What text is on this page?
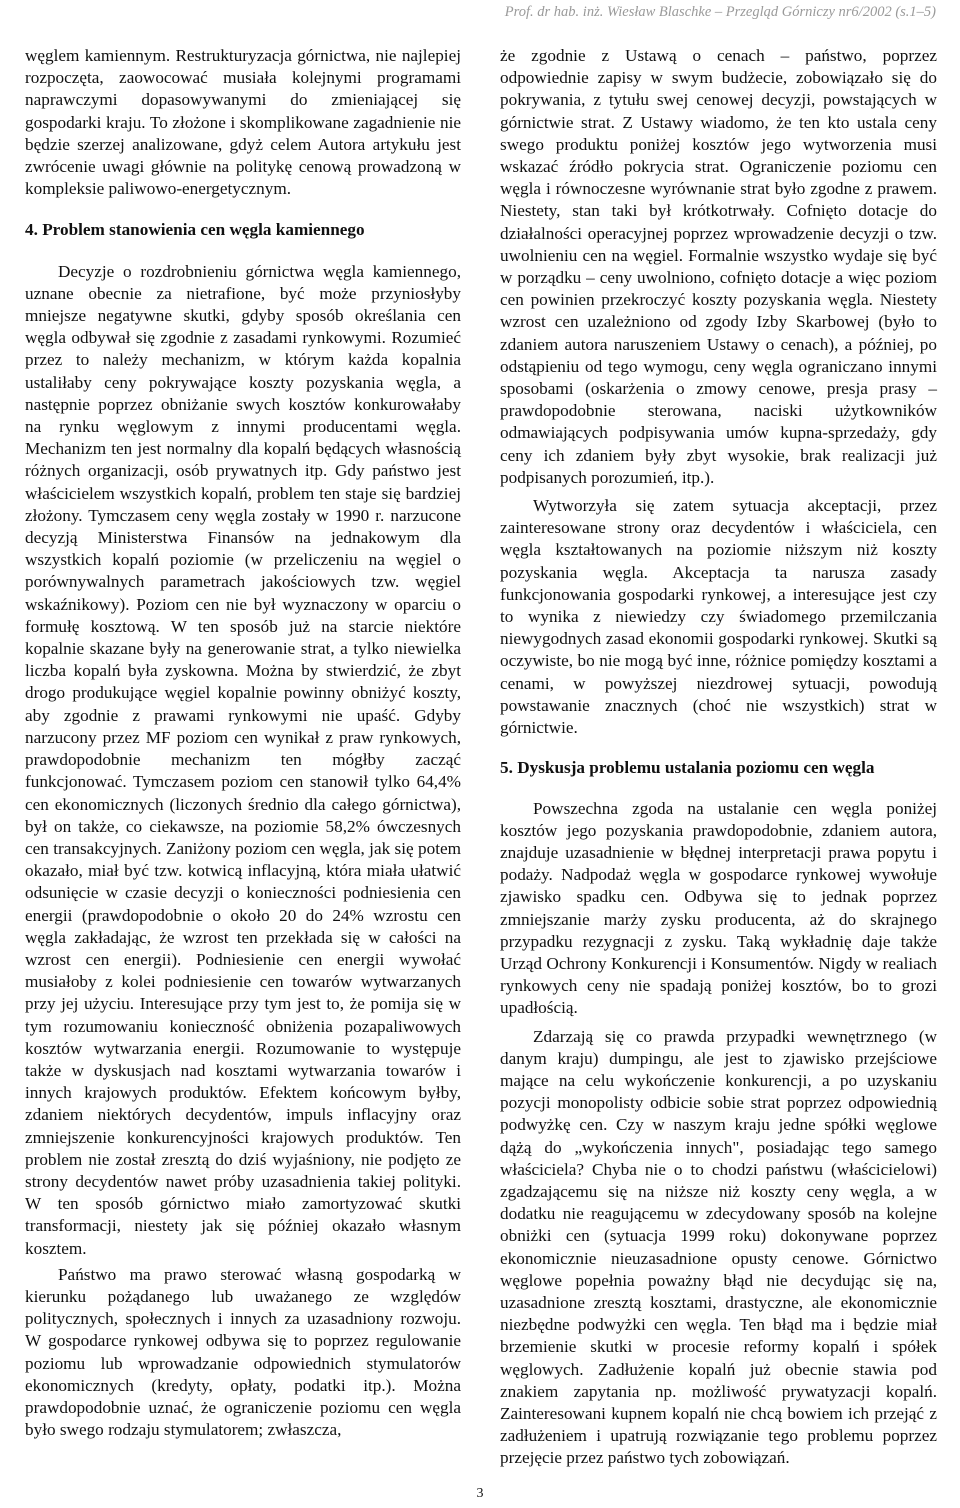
Prof. dr hab. inż. Wiesław Blaschke – Przegląd Górniczy nr6/2002 (s.1–5)

węglem kamiennym. Restrukturyzacja górnictwa, nie najlepiej rozpoczęta, zaowocować musiała kolejnymi programami naprawczymi dopasowywanymi do zmieniającej się gospodarki kraju. To złożone i skomplikowane zagadnienie nie będzie szerzej analizowane, gdyż celem Autora artykułu jest zwrócenie uwagi głównie na politykę cenową prowadzoną w kompleksie paliwowo-energetycznym.

4. Problem stanowienia cen węgla kamiennego

Decyzje o rozdrobnieniu górnictwa węgla kamiennego, uznane obecnie za nietrafione, być może przyniosłyby mniejsze negatywne skutki, gdyby sposób określania cen węgla odbywał się zgodnie z zasadami rynkowymi. Rozumieć przez to należy mechanizm, w którym każda kopalnia ustaliłaby ceny pokrywające koszty pozyskania węgla, a następnie poprzez obniżanie swych kosztów konkurowałaby na rynku węglowym z innymi producentami węgla. Mechanizm ten jest normalny dla kopalń będących własnością różnych organizacji, osób prywatnych itp. Gdy państwo jest właścicielem wszystkich kopalń, problem ten staje się bardziej złożony. Tymczasem ceny węgla zostały w 1990 r. narzucone decyzją Ministerstwa Finansów na jednakowym dla wszystkich kopalń poziomie (w przeliczeniu na węgiel o porównywalnych parametrach jakościowych tzw. węgiel wskaźnikowy). Poziom cen nie był wyznaczony w oparciu o formułę kosztową. W ten sposób już na starcie niektóre kopalnie skazane były na generowanie strat, a tylko niewielka liczba kopalń była zyskowna. Można by stwierdzić, że zbyt drogo produkujące węgiel kopalnie powinny obniżyć koszty, aby zgodnie z prawami rynkowymi nie upaść. Gdyby narzucony przez MF poziom cen wynikał z praw rynkowych, prawdopodobnie mechanizm ten mógłby zacząć funkcjonować. Tymczasem poziom cen stanowił tylko 64,4% cen ekonomicznych (liczonych średnio dla całego górnictwa), był on także, co ciekawsze, na poziomie 58,2% ówczesnych cen transakcyjnych. Zaniżony poziom cen węgla, jak się potem okazało, miał być tzw. kotwicą inflacyjną, która miała ułatwić odsunięcie w czasie decyzji o konieczności podniesienia cen energii (prawdopodobnie o około 20 do 24% wzrostu cen węgla zakładając, że wzrost ten przekłada się w całości na wzrost cen energii). Podniesienie cen energii wywołać musiałoby z kolei podniesienie cen towarów wytwarzanych przy jej użyciu. Interesujące przy tym jest to, że pomija się w tym rozumowaniu konieczność obniżenia pozapaliwowych kosztów wytwarzania energii. Rozumowanie to występuje także w dyskusjach nad kosztami wytwarzania towarów i innych krajowych produktów. Efektem końcowym byłby, zdaniem niektórych decydentów, impuls inflacyjny oraz zmniejszenie konkurencyjności krajowych produktów. Ten problem nie został zresztą do dziś wyjaśniony, nie podjęto ze strony decydentów nawet próby uzasadnienia takiej polityki. W ten sposób górnictwo miało zamortyzować skutki transformacji, niestety jak się później okazało własnym kosztem.

Państwo ma prawo sterować własną gospodarką w kierunku pożądanego lub uważanego ze względów politycznych, społecznych i innych za uzasadniony rozwoju. W gospodarce rynkowej odbywa się to poprzez regulowanie poziomu lub wprowadzanie odpowiednich stymulatorów ekonomicznych (kredyty, opłaty, podatki itp.). Można prawdopodobnie uznać, że ograniczenie poziomu cen węgla było swego rodzaju stymulatorem; zwłaszcza,

że zgodnie z Ustawą o cenach – państwo, poprzez odpowiednie zapisy w swym budżecie, zobowiązało się do pokrywania, z tytułu swej cenowej decyzji, powstających w górnictwie strat. Z Ustawy wiadomo, że ten kto ustala ceny swego produktu poniżej kosztów jego wytworzenia musi wskazać źródło pokrycia strat. Ograniczenie poziomu cen węgla i równoczesne wyrównanie strat było zgodne z prawem. Niestety, stan taki był krótkotrwały. Cofnięto dotacje do działalności operacyjnej poprzez wprowadzenie decyzji o tzw. uwolnieniu cen na węgiel. Formalnie wszystko wydaje się być w porządku – ceny uwolniono, cofnięto dotacje a więc poziom cen powinien przekroczyć koszty pozyskania węgla. Niestety wzrost cen uzależniono od zgody Izby Skarbowej (było to zdaniem autora naruszeniem Ustawy o cenach), a później, po odstąpieniu od tego wymogu, ceny węgla ograniczano innymi sposobami (oskarżenia o zmowy cenowe, presja prasy – prawdopodobnie sterowana, naciski użytkowników odmawiających podpisywania umów kupna-sprzedaży, gdy ceny ich zdaniem były zbyt wysokie, brak realizacji już podpisanych porozumień, itp.).

Wytworzyła się zatem sytuacja akceptacji, przez zainteresowane strony oraz decydentów i właściciela, cen węgla kształtowanych na poziomie niższym niż koszty pozyskania węgla. Akceptacja ta narusza zasady funkcjonowania gospodarki rynkowej, a interesujące jest czy to wynika z niewiedzy czy świadomego przemilczania niewygodnych zasad ekonomii gospodarki rynkowej. Skutki są oczywiste, bo nie mogą być inne, różnice pomiędzy kosztami a cenami, w powyższej niezdrowej sytuacji, powodują powstawanie znacznych (choć nie wszystkich) strat w górnictwie.

5. Dyskusja problemu ustalania poziomu cen węgla

Powszechna zgoda na ustalanie cen węgla poniżej kosztów jego pozyskania prawdopodobnie, zdaniem autora, znajduje uzasadnienie w błędnej interpretacji prawa popytu i podaży. Nadpodaż węgla w gospodarce rynkowej wywołuje zjawisko spadku cen. Odbywa się to jednak poprzez zmniejszanie marży zysku producenta, aż do skrajnego przypadku rezygnacji z zysku. Taką wykładnię daje także Urząd Ochrony Konkurencji i Konsumentów. Nigdy w realiach rynkowych ceny nie spadają poniżej kosztów, bo to grozi upadłością.

Zdarzają się co prawda przypadki wewnętrznego (w danym kraju) dumpingu, ale jest to zjawisko przejściowe mające na celu wykończenie konkurencji, a po uzyskaniu pozycji monopolisty odbicie sobie strat poprzez odpowiednią podwyżkę cen. Czy w naszym kraju jedne spółki węglowe dążą do „wykończenia innych", posiadając tego samego właściciela? Chyba nie o to chodzi państwu (właścicielowi) zgadzającemu się na niższe niż koszty ceny węgla, a w dodatku nie reagującemu w zdecydowany sposób na kolejne obniżki cen (sytuacja 1999 roku) dokonywane poprzez ekonomicznie nieuzasadnione opusty cenowe. Górnictwo węglowe popełnia poważny błąd nie decydując się na, uzasadnione zresztą kosztami, drastyczne, ale ekonomicznie niezbędne podwyżki cen węgla. Ten błąd ma i będzie miał brzemienie skutki w procesie reformy kopalń i spółek węglowych. Zadłużenie kopalń już obecnie stawia pod znakiem zapytania np. możliwość prywatyzacji kopalń. Zainteresowani kupnem kopalń nie chcą bowiem ich przejąć z zadłużeniem i upatrują rozwiązanie tego problemu poprzez przejęcie przez państwo tych zobowiązań.

3
